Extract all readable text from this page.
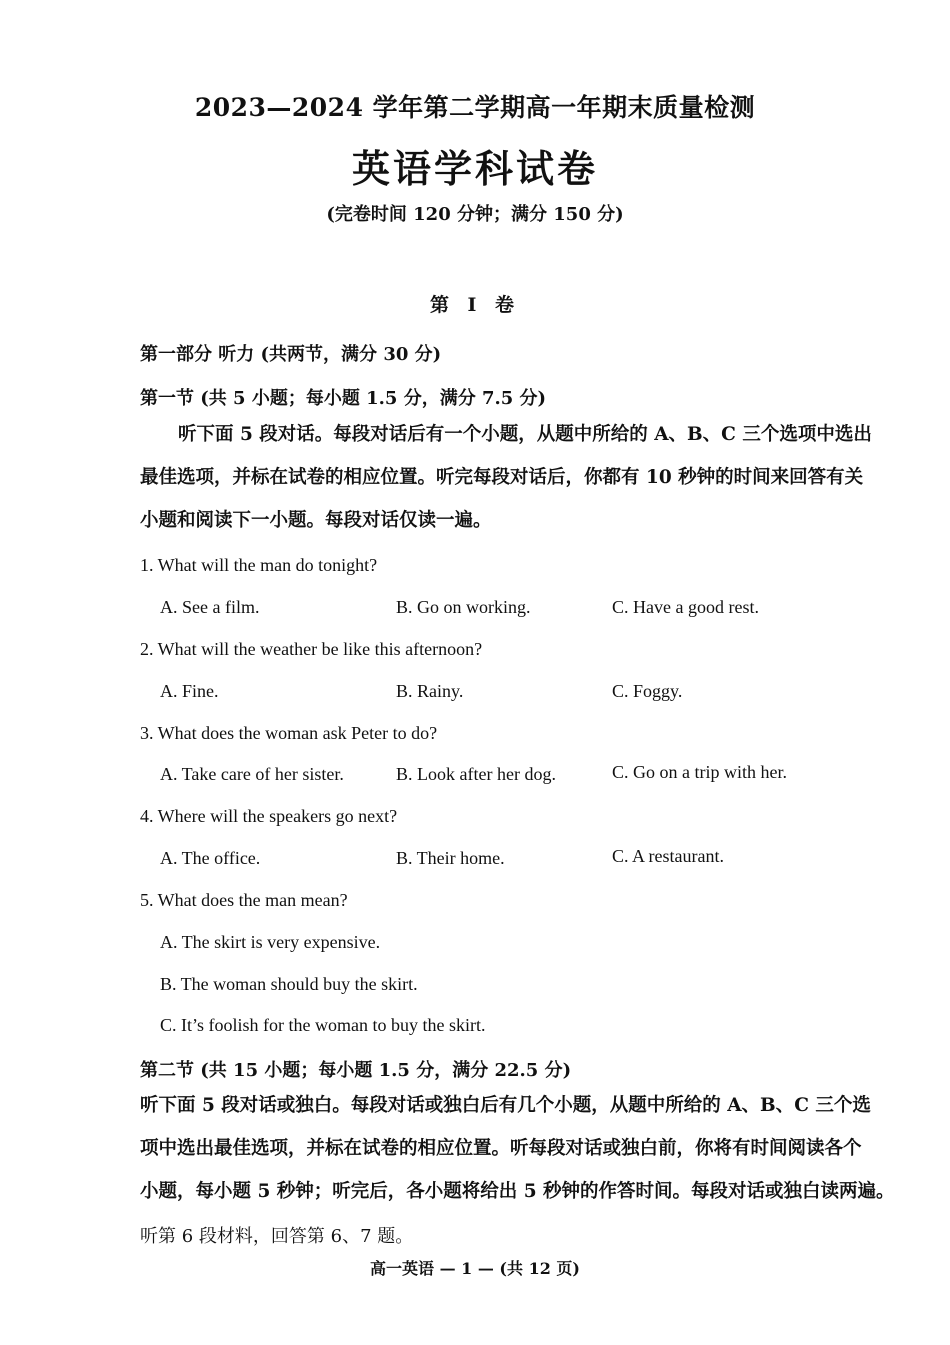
2023—2024 学年第二学期高一年期末质量检测
英语学科试卷
(完卷时间 120 分钟；满分 150 分)
第 I 卷
第一部分 听力 (共两节，满分 30 分)
第一节 (共 5 小题；每小题 1.5 分，满分 7.5 分)
听下面 5 段对话。每段对话后有一个小题，从题中所给的 A、B、C 三个选项中选出
最佳选项，并标在试卷的相应位置。听完每段对话后，你都有 10 秒钟的时间来回答有关
小题和阅读下一小题。每段对话仅读一遍。
1. What will the man do tonight?
A. See a film.	B. Go on working.	C. Have a good rest.
2. What will the weather be like this afternoon?
A. Fine.	B. Rainy.	C. Foggy.
3. What does the woman ask Peter to do?
A. Take care of her sister.	B. Look after her dog.	C. Go on a trip with her.
4. Where will the speakers go next?
A. The office.	B. Their home.	C. A restaurant.
5. What does the man mean?
A. The skirt is very expensive.
B. The woman should buy the skirt.
C. It’s foolish for the woman to buy the skirt.
第二节 (共 15 小题；每小题 1.5 分，满分 22.5 分)
听下面 5 段对话或独白。每段对话或独白后有几个小题，从题中所给的 A、B、C 三个选
项中选出最佳选项，并标在试卷的相应位置。听每段对话或独白前，你将有时间阅读各个
小题，每小题 5 秒钟；听完后，各小题将给出 5 秒钟的作答时间。每段对话或独白读两遍。
听第 6 段材料，回答第 6、7 题。
高一英语 — 1 — (共 12 页)
